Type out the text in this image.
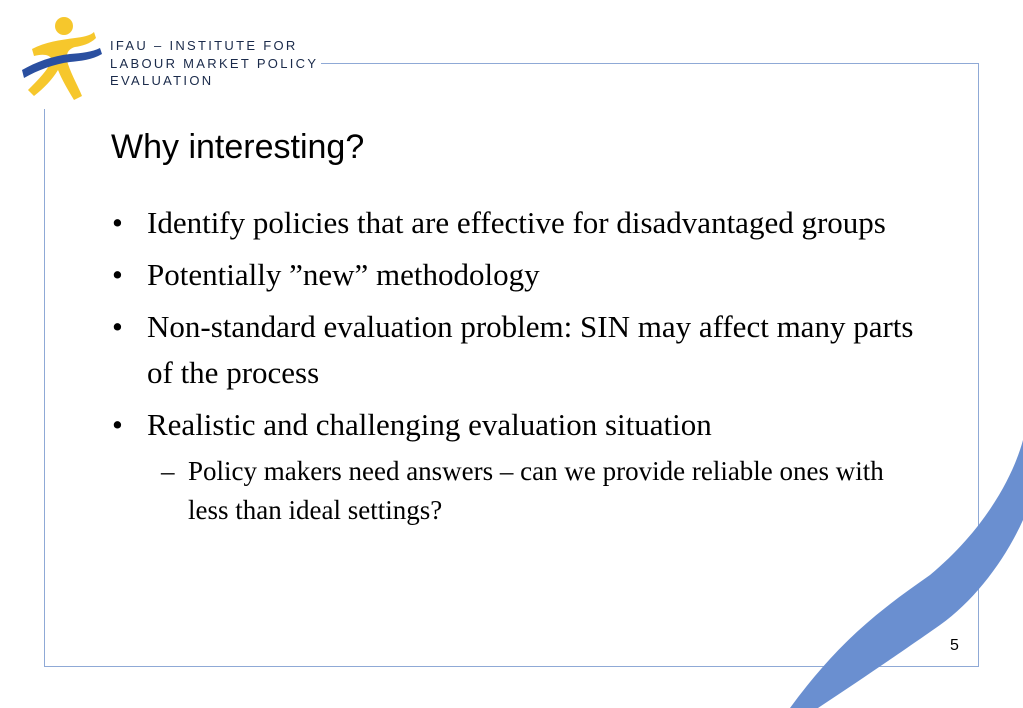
IFAU – INSTITUTE FOR
LABOUR MARKET POLICY
EVALUATION
Why interesting?
• Identify policies that are effective for disadvantaged groups
• Potentially ”new” methodology
• Non-standard evaluation problem: SIN may affect many parts of the process
• Realistic and challenging evaluation situation
– Policy makers need answers – can we provide reliable ones with less than ideal settings?
5
